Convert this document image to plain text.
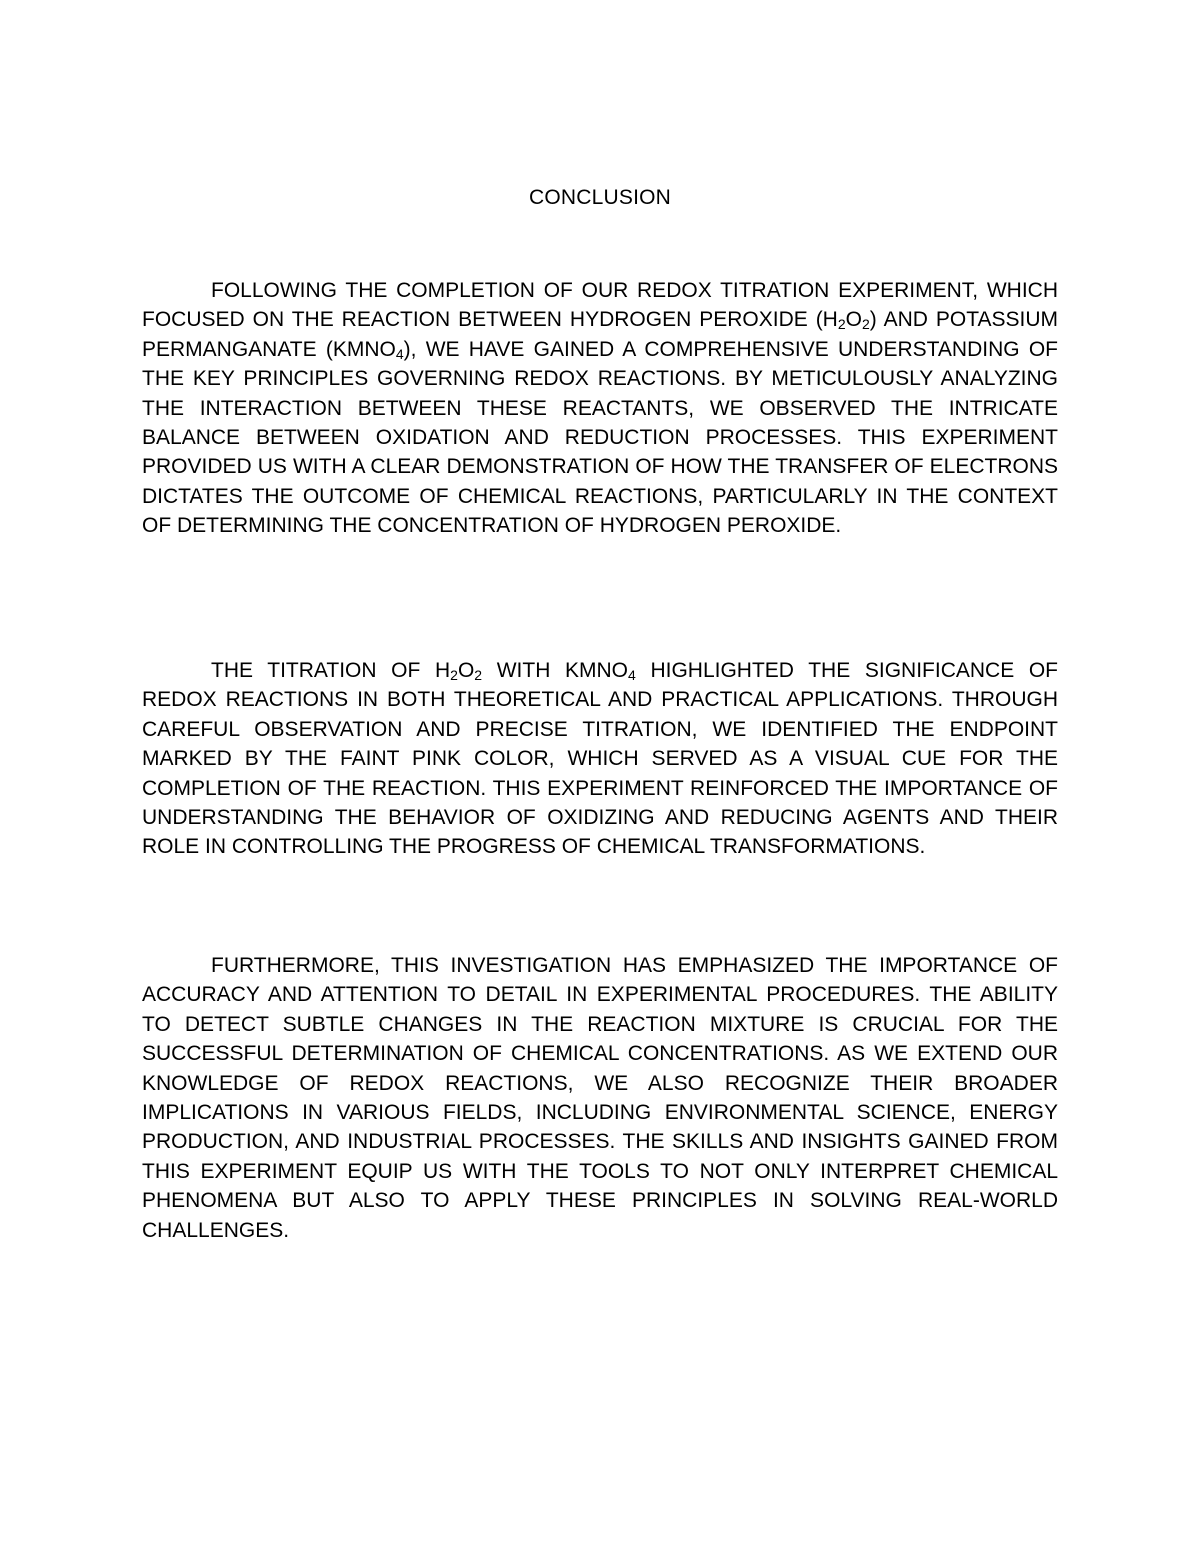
CONCLUSION

FOLLOWING THE COMPLETION OF OUR REDOX TITRATION EXPERIMENT, WHICH FOCUSED ON THE REACTION BETWEEN HYDROGEN PEROXIDE $(H_2O_2)$ AND POTASSIUM PERMANGANATE $(KMNO_4)$, WE HAVE GAINED A COMPREHENSIVE UNDERSTANDING OF THE KEY PRINCIPLES GOVERNING REDOX REACTIONS. BY METICULOUSLY ANALYZING THE INTERACTION BETWEEN THESE REACTANTS, WE OBSERVED THE INTRICATE BALANCE BETWEEN OXIDATION AND REDUCTION PROCESSES. THIS EXPERIMENT PROVIDED US WITH A CLEAR DEMONSTRATION OF HOW THE TRANSFER OF ELECTRONS DICTATES THE OUTCOME OF CHEMICAL REACTIONS, PARTICULARLY IN THE CONTEXT OF DETERMINING THE CONCENTRATION OF HYDROGEN PEROXIDE.

THE TITRATION OF $H_2O_2$ WITH $KMNO_4$ HIGHLIGHTED THE SIGNIFICANCE OF REDOX REACTIONS IN BOTH THEORETICAL AND PRACTICAL APPLICATIONS. THROUGH CAREFUL OBSERVATION AND PRECISE TITRATION, WE IDENTIFIED THE ENDPOINT MARKED BY THE FAINT PINK COLOR, WHICH SERVED AS A VISUAL CUE FOR THE COMPLETION OF THE REACTION. THIS EXPERIMENT REINFORCED THE IMPORTANCE OF UNDERSTANDING THE BEHAVIOR OF OXIDIZING AND REDUCING AGENTS AND THEIR ROLE IN CONTROLLING THE PROGRESS OF CHEMICAL TRANSFORMATIONS.

FURTHERMORE, THIS INVESTIGATION HAS EMPHASIZED THE IMPORTANCE OF ACCURACY AND ATTENTION TO DETAIL IN EXPERIMENTAL PROCEDURES. THE ABILITY TO DETECT SUBTLE CHANGES IN THE REACTION MIXTURE IS CRUCIAL FOR THE SUCCESSFUL DETERMINATION OF CHEMICAL CONCENTRATIONS. AS WE EXTEND OUR KNOWLEDGE OF REDOX REACTIONS, WE ALSO RECOGNIZE THEIR BROADER IMPLICATIONS IN VARIOUS FIELDS, INCLUDING ENVIRONMENTAL SCIENCE, ENERGY PRODUCTION, AND INDUSTRIAL PROCESSES. THE SKILLS AND INSIGHTS GAINED FROM THIS EXPERIMENT EQUIP US WITH THE TOOLS TO NOT ONLY INTERPRET CHEMICAL PHENOMENA BUT ALSO TO APPLY THESE PRINCIPLES IN SOLVING REAL-WORLD CHALLENGES.
